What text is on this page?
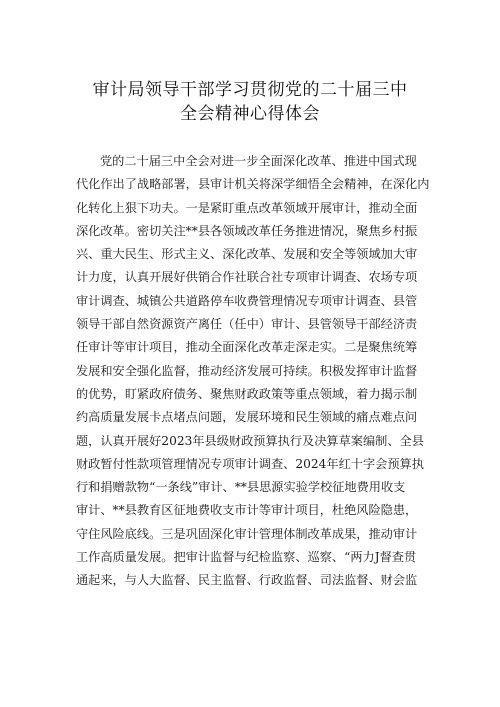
审计局领导干部学习贯彻党的二十届三中
全会精神心得体会
党的二十届三中全会对进一步全面深化改革、推进中国式现
代化作出了战略部署，县审计机关将深学细悟全会精神，在深化内
化转化上狠下功夫。一是紧盯重点改革领域开展审计，推动全面
深化改革。密切关注**县各领域改革任务推进情况，聚焦乡村振
兴、重大民生、形式主义、深化改革、发展和安全等领域加大审
计力度，认真开展好供销合作社联合社专项审计调查、农场专项
审计调查、城镇公共道路停车收费管理情况专项审计调查、县管
领导干部自然资源资产离任（任中）审计、县管领导干部经济责
任审计等审计项目，推动全面深化改革走深走实。二是聚焦统筹
发展和安全强化监督，推动经济发展可持续。积极发挥审计监督
的优势，盯紧政府债务、聚焦财政政策等重点领域，着力揭示制
约高质量发展卡点堵点问题，发展环境和民生领域的痛点难点问
题，认真开展好2023年县级财政预算执行及决算草案编制、全县
财政暂付性款项管理情况专项审计调查、2024年红十字会预算执
行和捐赠款物“一条线”审计、**县思源实验学校征地费用收支
审计、**县教育区征地费收支市计等审计项目，杜绝风险隐患，
守住风险底线。三是巩固深化审计管理体制改革成果，推动审计
工作高质量发展。把审计监督与纪检监察、巡察、“两力J督查贯
通起来，与人大监督、民主监督、行政监督、司法监督、财会监
